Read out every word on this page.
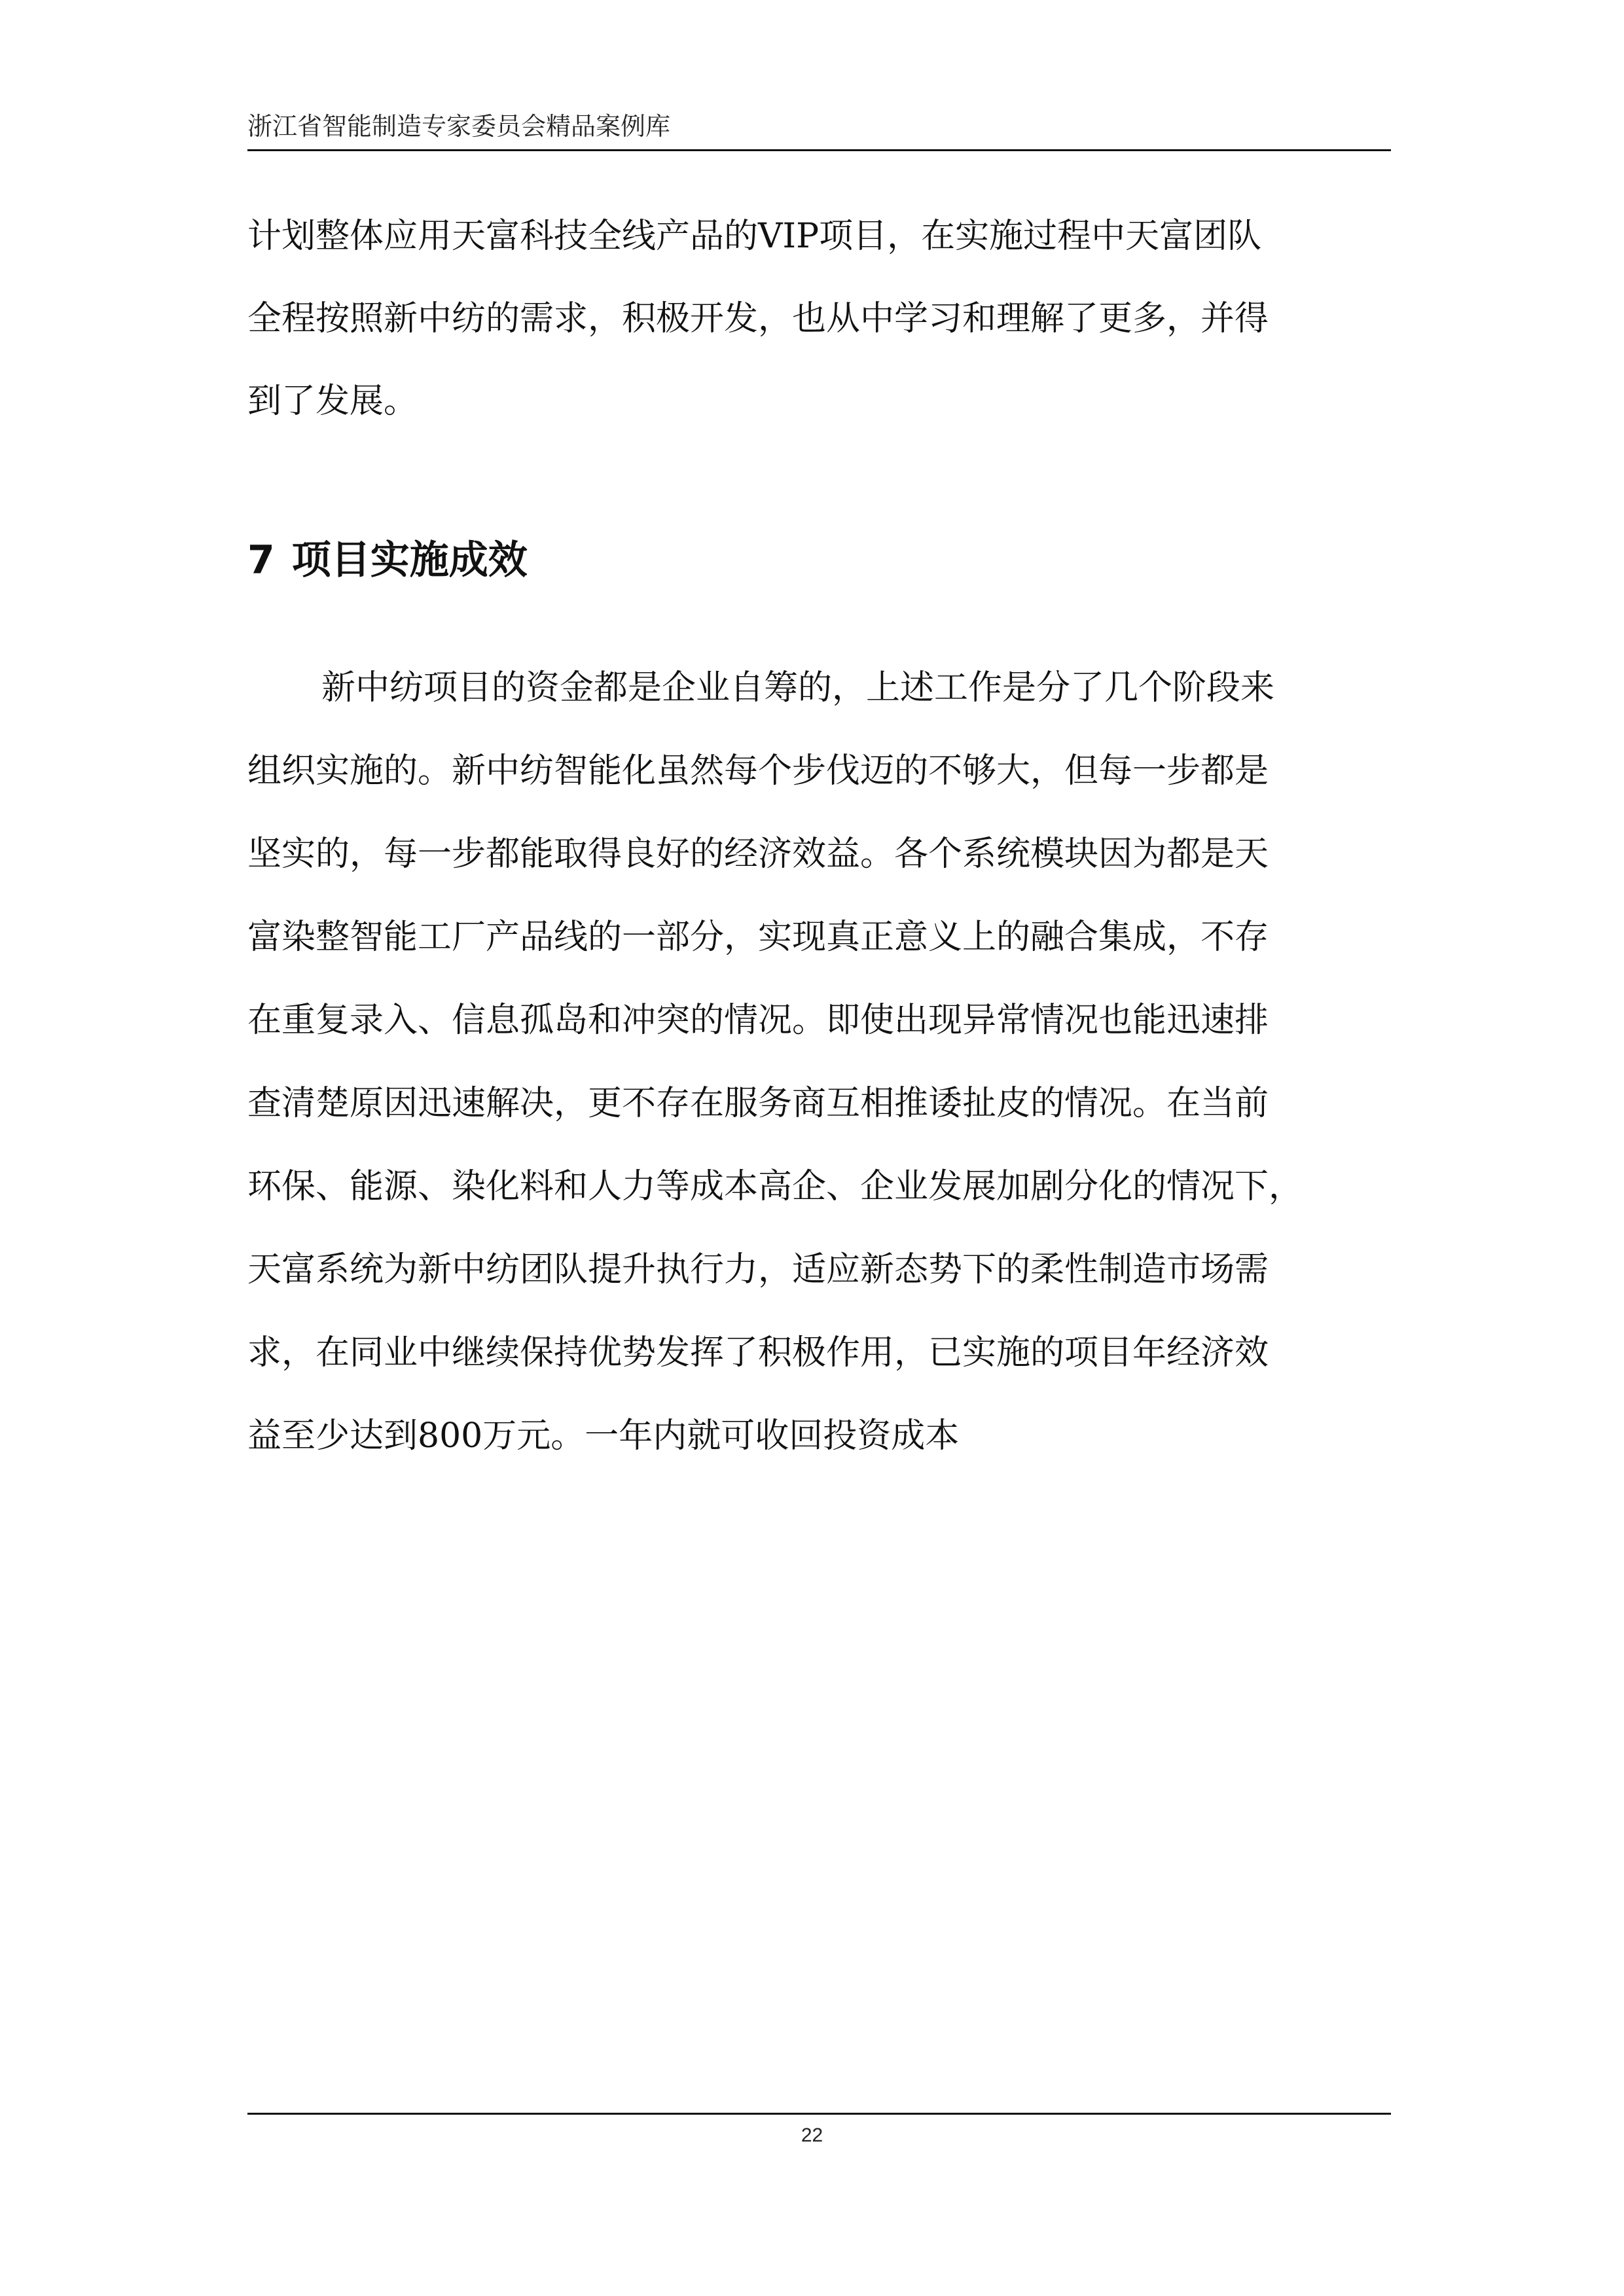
浙江省智能制造专家委员会精品案例库
计划整体应用天富科技全线产品的VIP项目，在实施过程中天富团队
全程按照新中纺的需求，积极开发，也从中学习和理解了更多，并得
到了发展。
7 项目实施成效
新中纺项目的资金都是企业自筹的，上述工作是分了几个阶段来
组织实施的。新中纺智能化虽然每个步伐迈的不够大，但每一步都是
坚实的，每一步都能取得良好的经济效益。各个系统模块因为都是天
富染整智能工厂产品线的一部分，实现真正意义上的融合集成，不存
在重复录入、信息孤岛和冲突的情况。即使出现异常情况也能迅速排
查清楚原因迅速解决，更不存在服务商互相推诿扯皮的情况。在当前
环保、能源、染化料和人力等成本高企、企业发展加剧分化的情况下，
天富系统为新中纺团队提升执行力，适应新态势下的柔性制造市场需
求，在同业中继续保持优势发挥了积极作用，已实施的项目年经济效
益至少达到800万元。一年内就可收回投资成本
22
